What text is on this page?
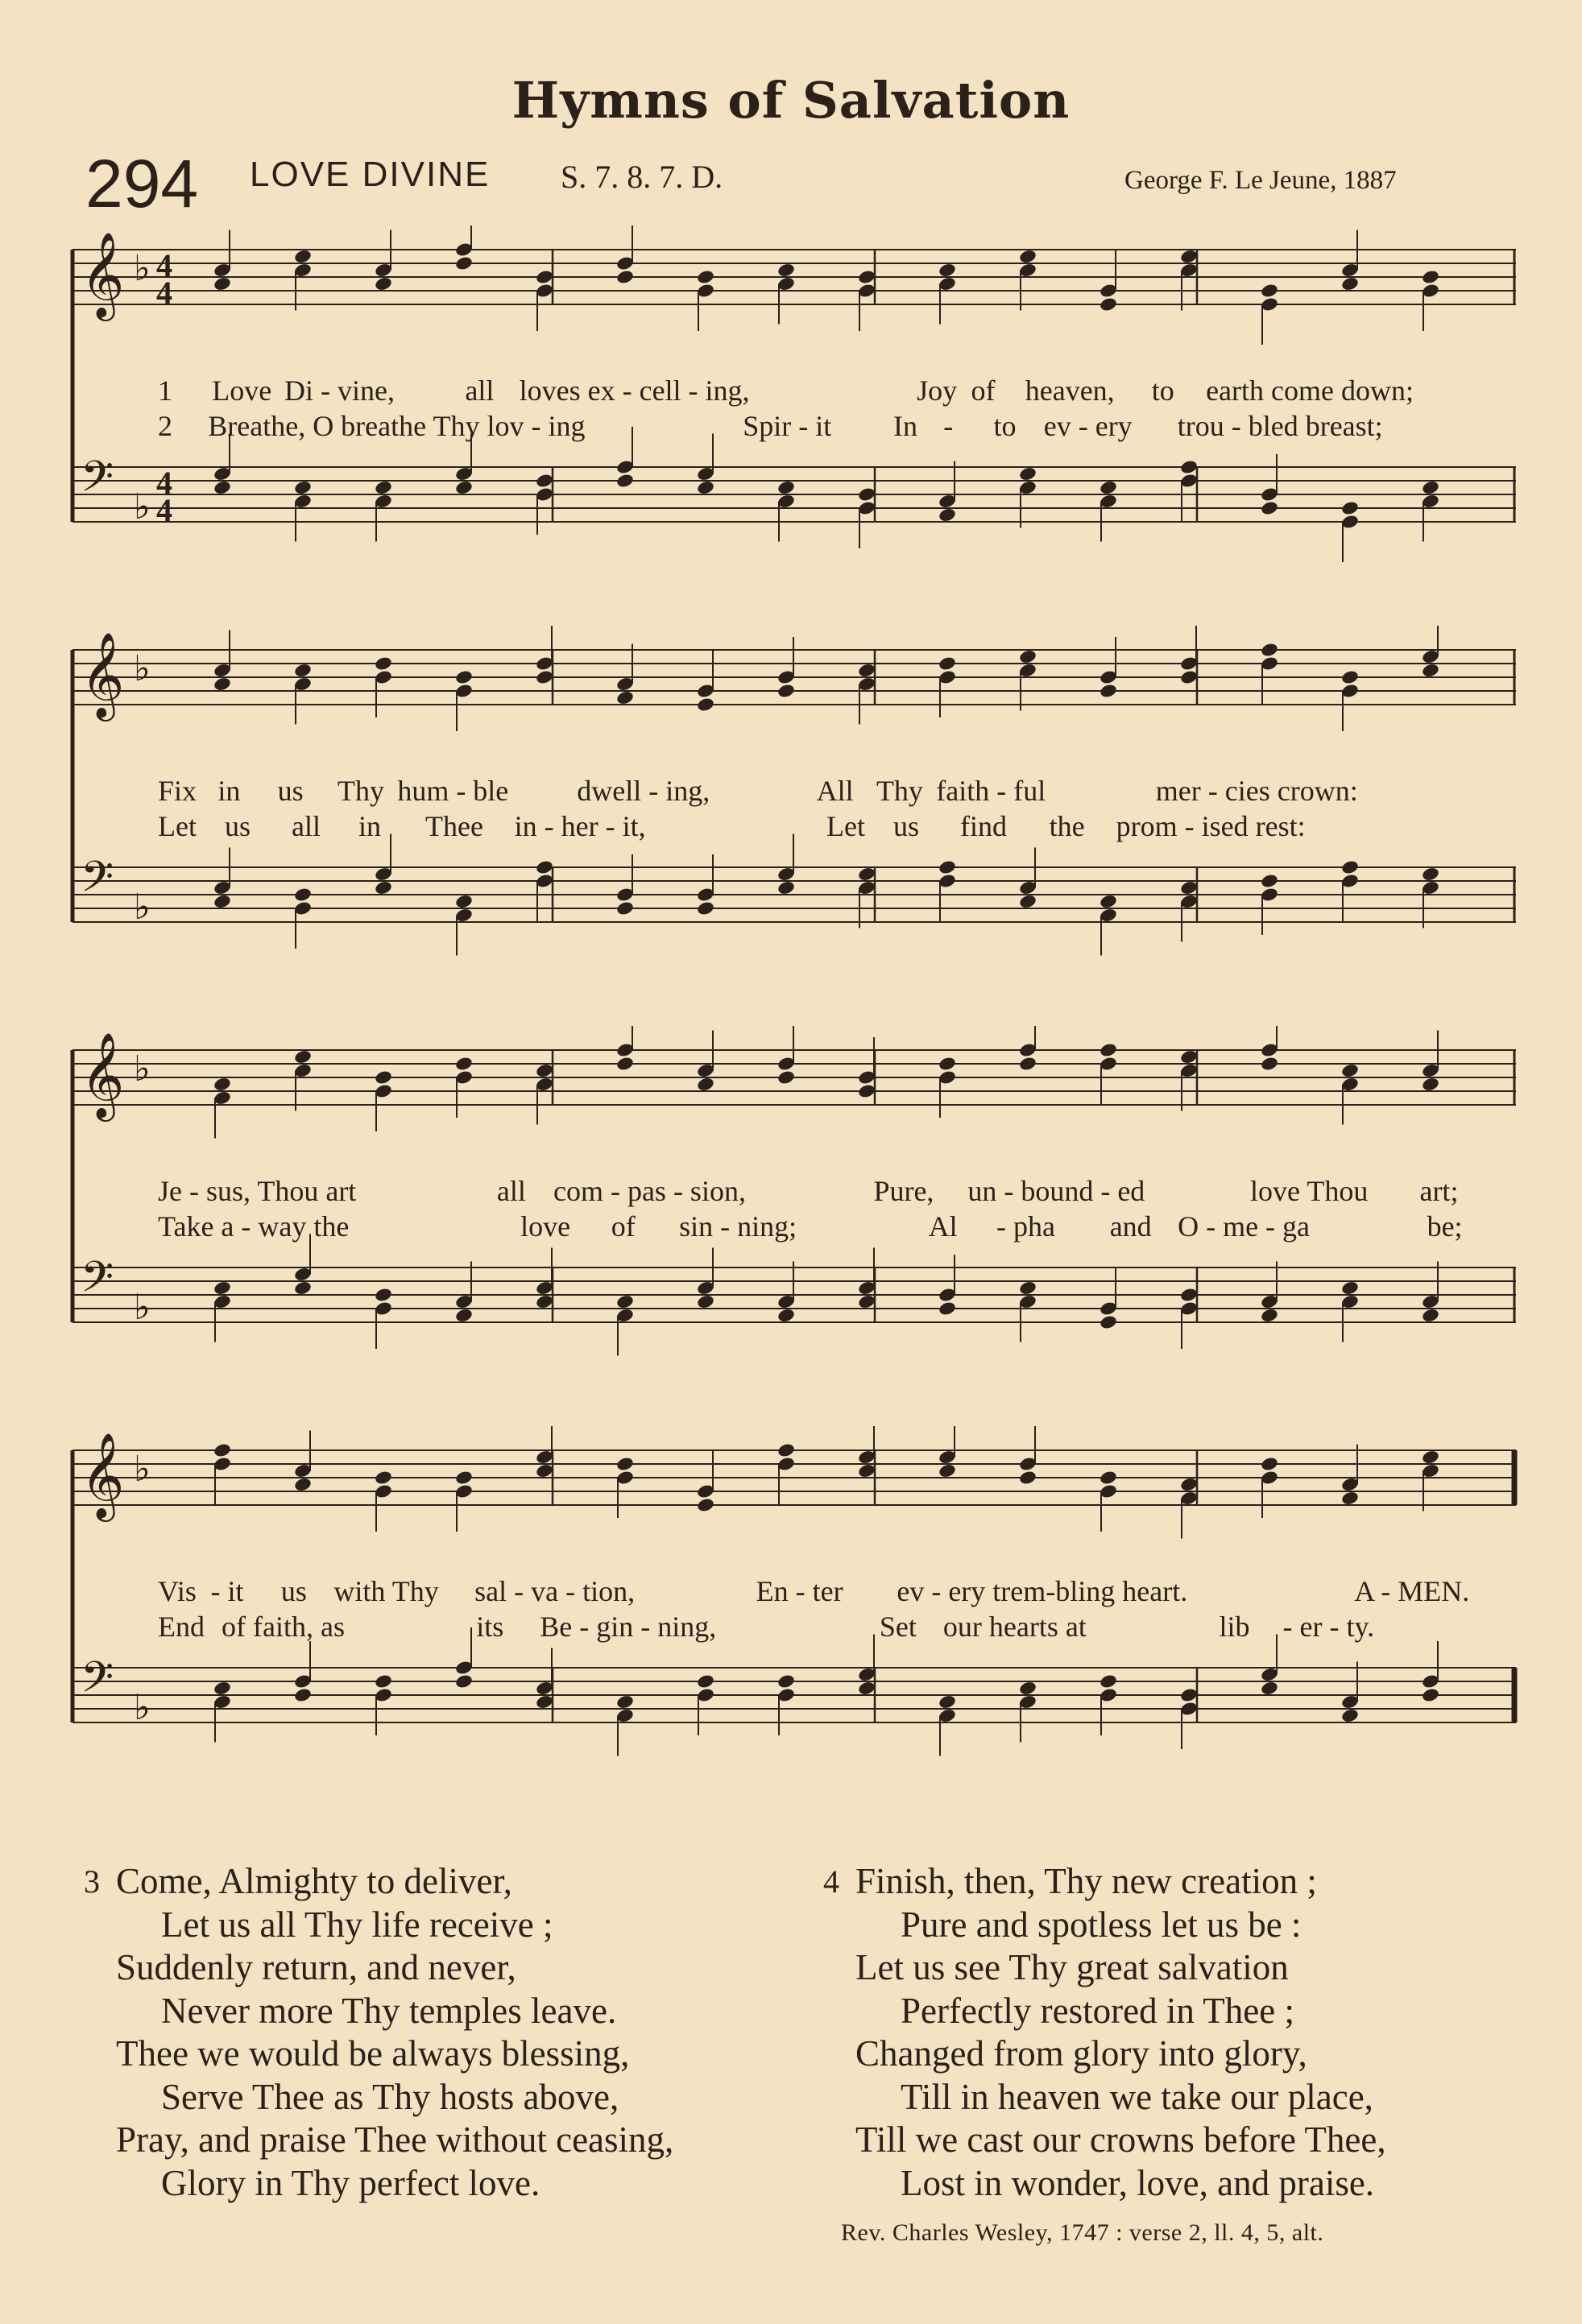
Hymns of Salvation
294 LOVE DIVINE S. 7. 8. 7. D.	George F. Le Jeune, 1887
𝄞 ♭ 4
4
𝄢 ♭
4
4
1 Love Di - vine, all loves ex - cell - ing,	Joy of heaven, to earth come down;
2 Breathe, O breathe Thy lov - ing	Spir - it In - to ev - ery trou - bled breast;
𝄞 ♭
𝄢 ♭
Fix in us Thy hum - ble dwell - ing,	All Thy faith - ful	mer - cies crown:
Let us all in Thee in - her - it,	Let us find the prom - ised rest:
𝄞 ♭
𝄢 ♭
Je - sus, Thou art	all com - pas - sion,	Pure, un - bound - ed	love Thou art;
Take a - way the	love of sin - ning;	Al - pha and O - me - ga	be;
𝄞 ♭
𝄢 ♭
Vis - it us with Thy sal - va - tion,	En - ter ev - ery trem-bling heart.	A - MEN.
End of faith, as	its Be - gin - ning,	Set our hearts at	lib - er - ty.
3 Come, Almighty to deliver,
Let us all Thy life receive ;
Suddenly return, and never,
Never more Thy temples leave.
Thee we would be always blessing,
Serve Thee as Thy hosts above,
Pray, and praise Thee without ceasing,
Glory in Thy perfect love.
4 Finish, then, Thy new creation ;
Pure and spotless let us be :
Let us see Thy great salvation
Perfectly restored in Thee ;
Changed from glory into glory,
Till in heaven we take our place,
Till we cast our crowns before Thee,
Lost in wonder, love, and praise.
Rev. Charles Wesley, 1747 : verse 2, ll. 4, 5, alt.
